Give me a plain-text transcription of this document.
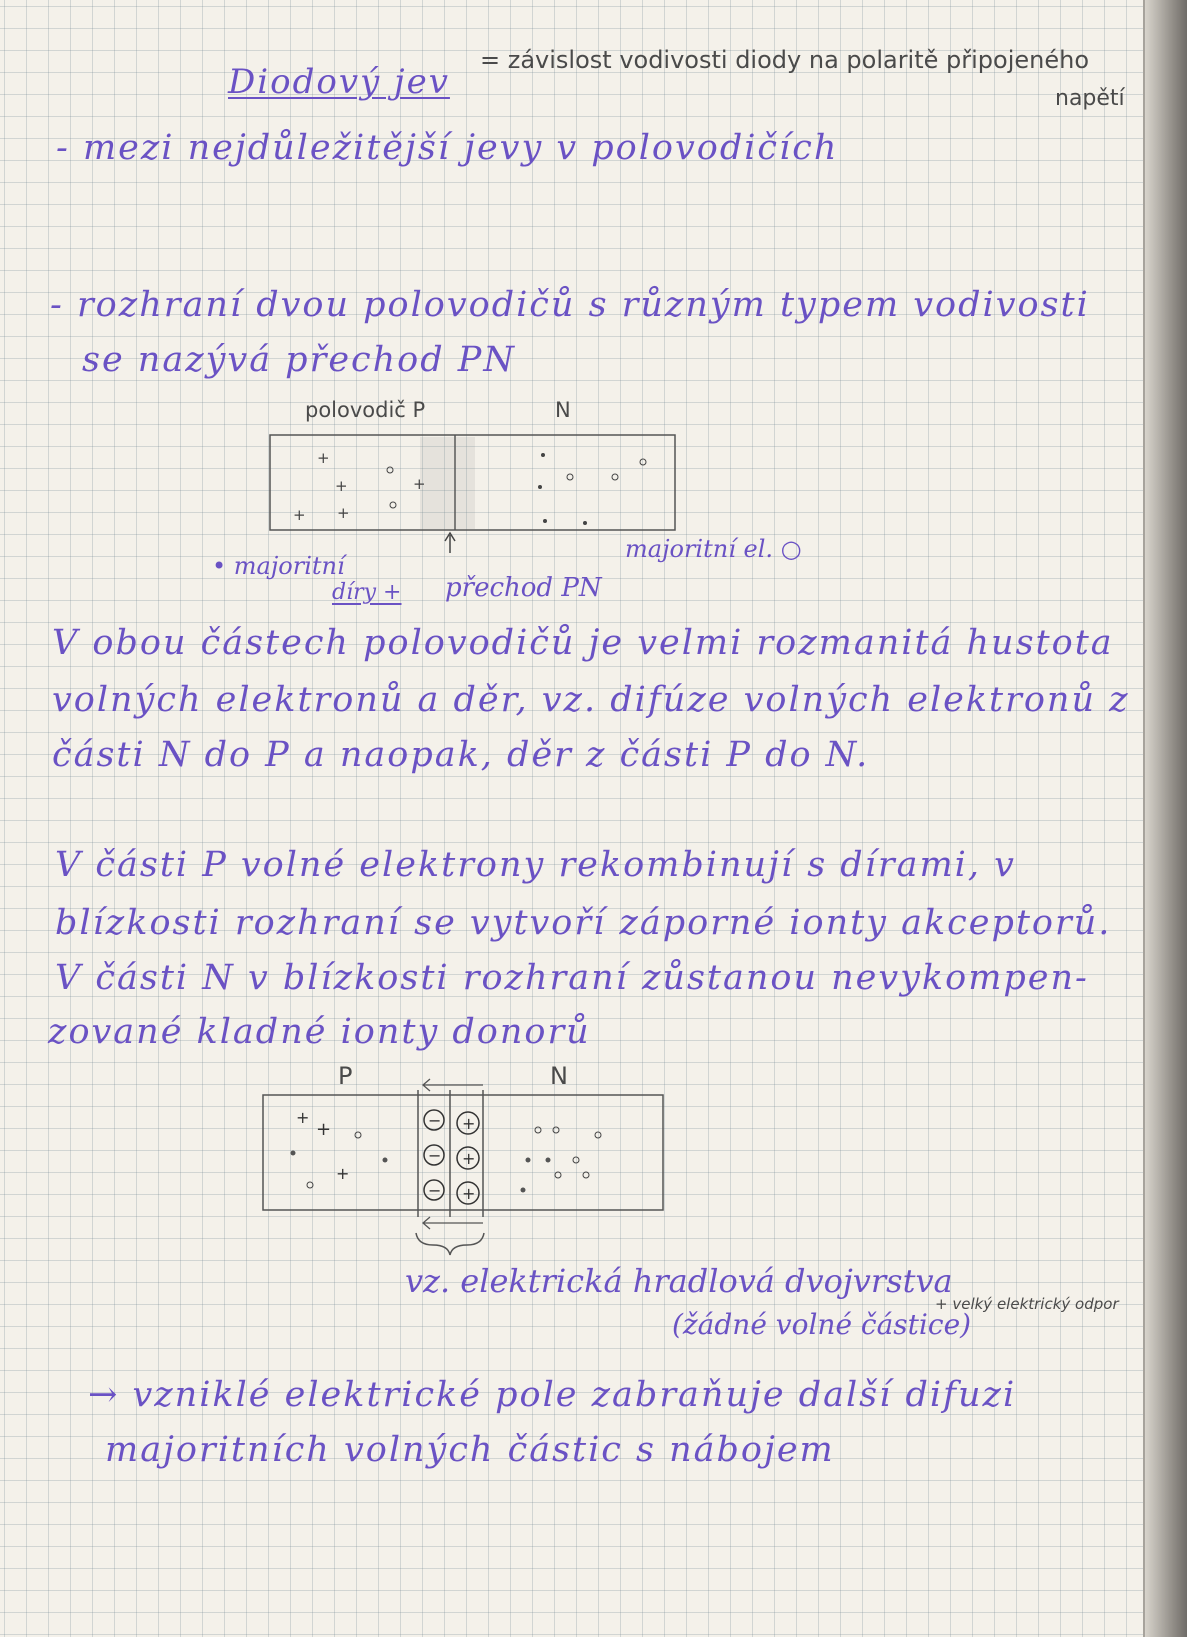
Diodový jev
= závislost vodivosti diody na polaritě připojeného
napětí
- mezi nejdůležitější jevy v polovodičích
- rozhraní dvou polovodičů s různým typem vodivosti
se nazývá přechod PN
polovodič P	N
+
+	+
+ +
• majoritní
díry + přechod PN
majoritní el. ○
V obou částech polovodičů je velmi rozmanitá hustota
volných elektronů a děr, vz. difúze volných elektronů z
části N do P a naopak, děr z části P do N.
V části P volné elektrony rekombinují s dírami, v
blízkosti rozhraní se vytvoří záporné ionty akceptorů.
V části N v blízkosti rozhraní zůstanou nevykompen-
zované kladné ionty donorů
P	N
−
−
−
+
+
+
+
+
+
vz. elektrická hradlová dvojvrstva
(žádné volné částice)
+ velký elektrický odpor
→ vzniklé elektrické pole zabraňuje další difuzi
majoritních volných částic s nábojem
